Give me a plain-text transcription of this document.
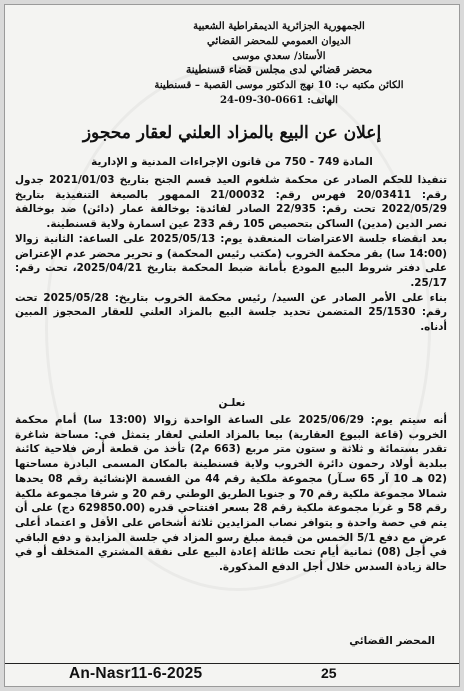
الجمهورية الجزائرية الديمقراطية الشعبية
الديوان العمومي للمحضر القضائي
الأستاذ/ سعدي موسى
محضر قضائي لدى مجلس قضاء قسنطينة
الكائن مكتبه ب: 10 نهج الدكتور موسى القصبة – قسنطينة
الهاتف: 0661-30-09-24
إعلان عن البيع بالمزاد العلني لعقار محجوز
المادة 749 - 750 من قانون الإجراءات المدنية و الإدارية

تنفيذا للحكم الصادر عن محكمة شلغوم العيد قسم الجنح بتاريخ 2021/01/03 جدول رقم: 20/03411 فهرس رقم: 21/00032 الممهور بالصيغة التنفيذية بتاريخ 2022/05/29 تحت رقم: 22/935 الصادر لفائدة: بوخالفة عمار (دائن) ضد بوخالفة نصر الدين (مدين) الساكن بتحصيص 105 رقم 233 عين اسمارة ولاية قسنطينة.

بعد انقضاء جلسة الاعتراضات المنعقدة يوم: 2025/05/13 على الساعة: الثانية زوالا (14:00 سا) بقر محكمة الخروب (مكتب رئيس المحكمة) و تحرير محضر عدم الإعتراض على دفتر شروط البيع المودع بأمانة ضبط المحكمة بتاريخ 2025/04/21، تحت رقم: 25/17.

بناء على الأمر الصادر عن السيد/ رئيس محكمة الخروب بتاريخ: 2025/05/28 تحت رقم: 25/1530 المتضمن تحديد جلسة البيع بالمزاد العلني للعقار المحجوز المبين أدناه.

نعلـن
أنه سيتم يوم: 2025/06/29 على الساعة الواحدة زوالا (13:00 سا) أمام محكمة الخروب (قاعة البيوع العقارية) بيعا بالمزاد العلني لعقار يتمثل في: مساحة شاغرة تقدر بستمائة و ثلاثة و ستون متر مربع (663 م2) تأخذ من قطعة أرض فلاحية كائنة ببلدية أولاد رحمون دائرة الخروب ولاية قسنطينة بالمكان المسمى البادرة مساحتها (02 هـ 10 آر 65 سـآر) مجموعة ملكية رقم 44 من القسمة الإنشائية رقم 08 يحدها شمالا مجموعة ملكية رقم 70 و جنوبا الطريق الوطني رقم 20 و شرقا مجموعة ملكية رقم 58 و غربا مجموعة ملكية رقم 28 بسعر افتتاحي قدره (629850.00 دج) على أن يتم في حصة واحدة و يتوافر نصاب المزايدين ثلاثة أشخاص على الأقل و اعتماد أعلى عرض مع دفع 5/1 الخمس من قيمة مبلغ رسو المزاد في جلسة المزايدة و دفع الباقي في أجل (08) ثمانية أيام تحت طائلة إعادة البيع على نفقة المشتري المتخلف أو في حالة زيادة السدس خلال أجل الدفع المذكورة.
المحضر القضائي
An-Nasr11-6-2025	25
